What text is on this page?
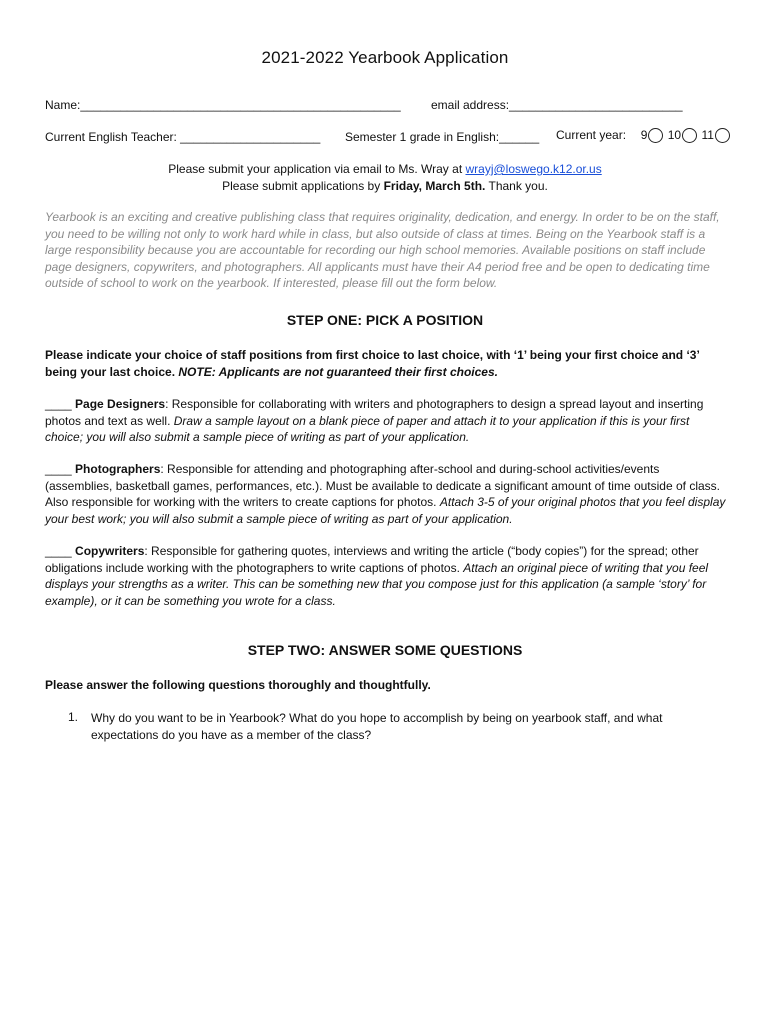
2021-2022 Yearbook Application
Name:________________________________________________	email address:__________________________
Current English Teacher: _____________________ Semester 1 grade in English:______ Current year: 9 10 11
Please submit your application via email to Ms. Wray at wrayj@loswego.k12.or.us
Please submit applications by Friday, March 5th. Thank you.
Yearbook is an exciting and creative publishing class that requires originality, dedication, and energy. In order to be on the staff, you need to be willing not only to work hard while in class, but also outside of class at times. Being on the Yearbook staff is a large responsibility because you are accountable for recording our high school memories. Available positions on staff include page designers, copywriters, and photographers. All applicants must have their A4 period free and be open to dedicating time outside of school to work on the yearbook. If interested, please fill out the form below.
STEP ONE: PICK A POSITION
Please indicate your choice of staff positions from first choice to last choice, with ‘1’ being your first choice and ‘3’ being your last choice. NOTE: Applicants are not guaranteed their first choices.
____ Page Designers: Responsible for collaborating with writers and photographers to design a spread layout and inserting photos and text as well. Draw a sample layout on a blank piece of paper and attach it to your application if this is your first choice; you will also submit a sample piece of writing as part of your application.
____ Photographers: Responsible for attending and photographing after-school and during-school activities/events (assemblies, basketball games, performances, etc.). Must be available to dedicate a significant amount of time outside of class. Also responsible for working with the writers to create captions for photos. Attach 3-5 of your original photos that you feel display your best work; you will also submit a sample piece of writing as part of your application.
____ Copywriters: Responsible for gathering quotes, interviews and writing the article (“body copies”) for the spread; other obligations include working with the photographers to write captions of photos. Attach an original piece of writing that you feel displays your strengths as a writer. This can be something new that you compose just for this application (a sample ‘story’ for example), or it can be something you wrote for a class.
STEP TWO: ANSWER SOME QUESTIONS
Please answer the following questions thoroughly and thoughtfully.
1. Why do you want to be in Yearbook? What do you hope to accomplish by being on yearbook staff, and what expectations do you have as a member of the class?
